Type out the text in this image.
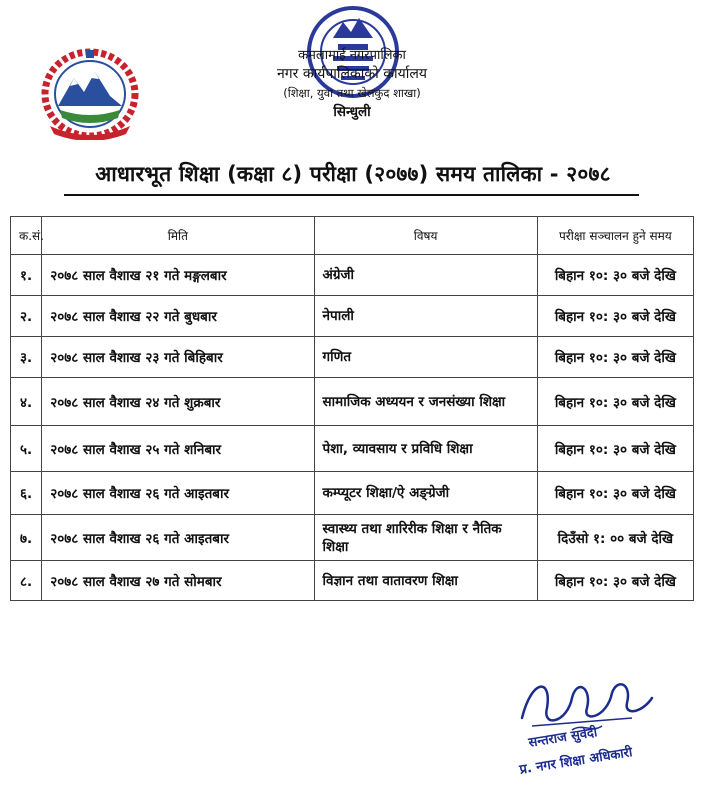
कमलामाई नगरपालिका
नगर कार्यपालिकाको कार्यालय
(शिक्षा, युवा तथा खेलकुद शाखा)
सिन्धुली
आधारभूत शिक्षा (कक्षा ८) परीक्षा (२०७७) समय तालिका - २०७८
क.सं.	मिति	विषय	परीक्षा सञ्चालन हुने समय
१.	२०७८ साल वैशाख २१ गते मङ्गलबार	अंग्रेजी	बिहान १०: ३० बजे देखि
२.	२०७८ साल वैशाख २२ गते बुधबार	नेपाली	बिहान १०: ३० बजे देखि
३.	२०७८ साल वैशाख २३ गते बिहिबार	गणित	बिहान १०: ३० बजे देखि
४.	२०७८ साल वैशाख २४ गते शुक्रबार	सामाजिक अध्ययन र जनसंख्या शिक्षा	बिहान १०: ३० बजे देखि
५.	२०७८ साल वैशाख २५ गते शनिबार	पेशा, व्यावसाय र प्रविधि शिक्षा	बिहान १०: ३० बजे देखि
६.	२०७८ साल वैशाख २६ गते आइतबार	कम्प्यूटर शिक्षा/ऐ अङ्ग्रेजी	बिहान १०: ३० बजे देखि
७.	२०७८ साल वैशाख २६ गते आइतबार	स्वास्थ्य तथा शारिरीक शिक्षा र नैतिक शिक्षा	दिउँसो १: ०० बजे देखि
८.	२०७८ साल वैशाख २७ गते सोमबार	विज्ञान तथा वातावरण शिक्षा	बिहान १०: ३० बजे देखि
सन्तराज सुवेदी
प्र. नगर शिक्षा अधिकारी
